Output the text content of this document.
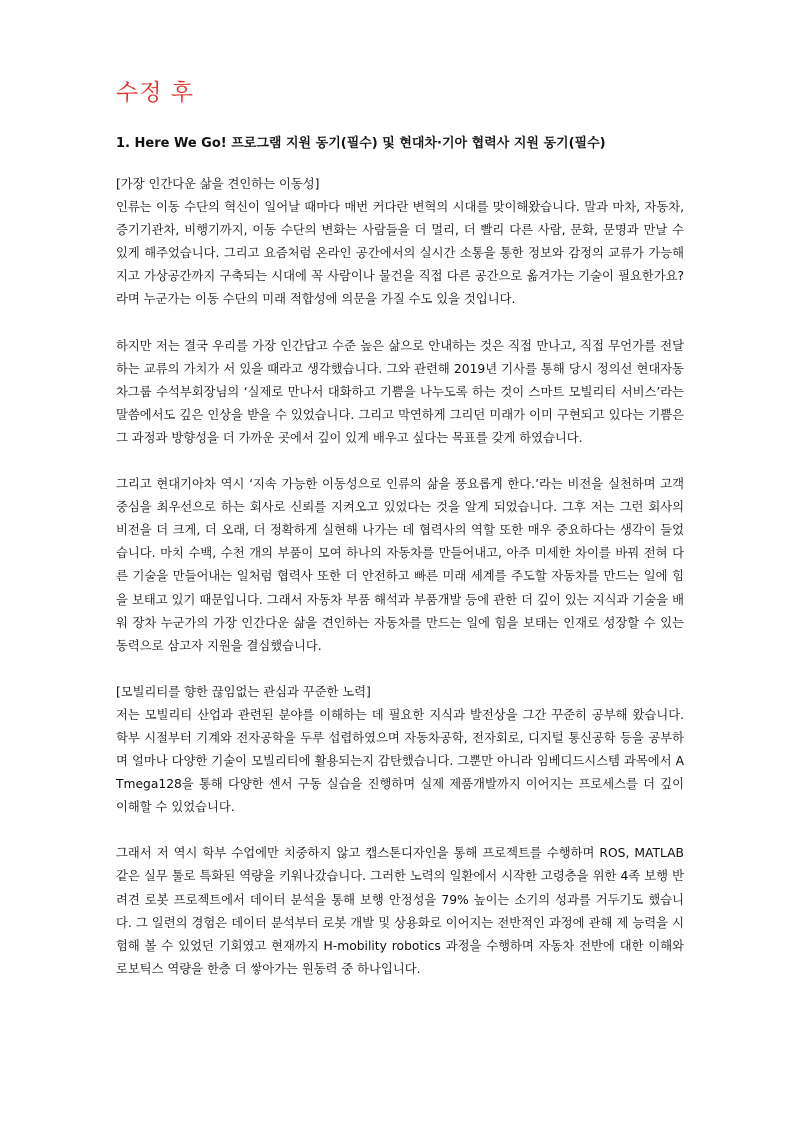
수정 후
1. Here We Go! 프로그램 지원 동기(필수) 및 현대차·기아 협력사 지원 동기(필수)

[가장 인간다운 삶을 견인하는 이동성]

인류는 이동 수단의 혁신이 일어날 때마다 매번 커다란 변혁의 시대를 맞이해왔습니다. 말과 마차, 자동차, 증기기관차, 비행기까지, 이동 수단의 변화는 사람들을 더 멀리, 더 빨리 다른 사람, 문화, 문명과 만날 수 있게 해주었습니다. 그리고 요즘처럼 온라인 공간에서의 실시간 소통을 통한 정보와 감정의 교류가 가능해지고 가상공간까지 구축되는 시대에 꼭 사람이나 물건을 직접 다른 공간으로 옮겨가는 기술이 필요한가요? 라며 누군가는 이동 수단의 미래 적합성에 의문을 가질 수도 있을 것입니다.

하지만 저는 결국 우리를 가장 인간답고 수준 높은 삶으로 안내하는 것은 직접 만나고, 직접 무언가를 전달하는 교류의 가치가 서 있을 때라고 생각했습니다. 그와 관련해 2019년 기사를 통해 당시 정의선 현대자동차그룹 수석부회장님의 ‘실제로 만나서 대화하고 기쁨을 나누도록 하는 것이 스마트 모빌리티 서비스’라는 말씀에서도 깊은 인상을 받을 수 있었습니다. 그리고 막연하게 그리던 미래가 이미 구현되고 있다는 기쁨은 그 과정과 방향성을 더 가까운 곳에서 깊이 있게 배우고 싶다는 목표를 갖게 하였습니다.

그리고 현대기아차 역시 ‘지속 가능한 이동성으로 인류의 삶을 풍요롭게 한다.’라는 비전을 실천하며 고객 중심을 최우선으로 하는 회사로 신뢰를 지켜오고 있었다는 것을 알게 되었습니다. 그후 저는 그런 회사의 비전을 더 크게, 더 오래, 더 정확하게 실현해 나가는 데 협력사의 역할 또한 매우 중요하다는 생각이 들었습니다. 마치 수백, 수천 개의 부품이 모여 하나의 자동차를 만들어내고, 아주 미세한 차이를 바꿔 전혀 다른 기술을 만들어내는 일처럼 협력사 또한 더 안전하고 빠른 미래 세계를 주도할 자동차를 만드는 일에 힘을 보태고 있기 때문입니다. 그래서 자동차 부품 해석과 부품개발 등에 관한 더 깊이 있는 지식과 기술을 배워 장차 누군가의 가장 인간다운 삶을 견인하는 자동차를 만드는 일에 힘을 보태는 인재로 성장할 수 있는 동력으로 삼고자 지원을 결심했습니다.

[모빌리티를 향한 끊임없는 관심과 꾸준한 노력]

저는 모빌리티 산업과 관련된 분야를 이해하는 데 필요한 지식과 발전상을 그간 꾸준히 공부해 왔습니다. 학부 시절부터 기계와 전자공학을 두루 섭렵하였으며 자동차공학, 전자회로, 디지털 통신공학 등을 공부하며 얼마나 다양한 기술이 모빌리티에 활용되는지 감탄했습니다. 그뿐만 아니라 임베디드시스템 과목에서 ATmega128을 통해 다양한 센서 구동 실습을 진행하며 실제 제품개발까지 이어지는 프로세스를 더 깊이 이해할 수 있었습니다.

그래서 저 역시 학부 수업에만 치중하지 않고 캡스톤디자인을 통해 프로젝트를 수행하며 ROS, MATLAB 같은 실무 툴로 특화된 역량을 키워나갔습니다. 그러한 노력의 일환에서 시작한 고령층을 위한 4족 보행 반려견 로봇 프로젝트에서 데이터 분석을 통해 보행 안정성을 79% 높이는 소기의 성과를 거두기도 했습니다. 그 일련의 경험은 데이터 분석부터 로봇 개발 및 상용화로 이어지는 전반적인 과정에 관해 제 능력을 시험해 볼 수 있었던 기회였고 현재까지 H-mobility robotics 과정을 수행하며 자동차 전반에 대한 이해와 로보틱스 역량을 한층 더 쌓아가는 원동력 중 하나입니다.
